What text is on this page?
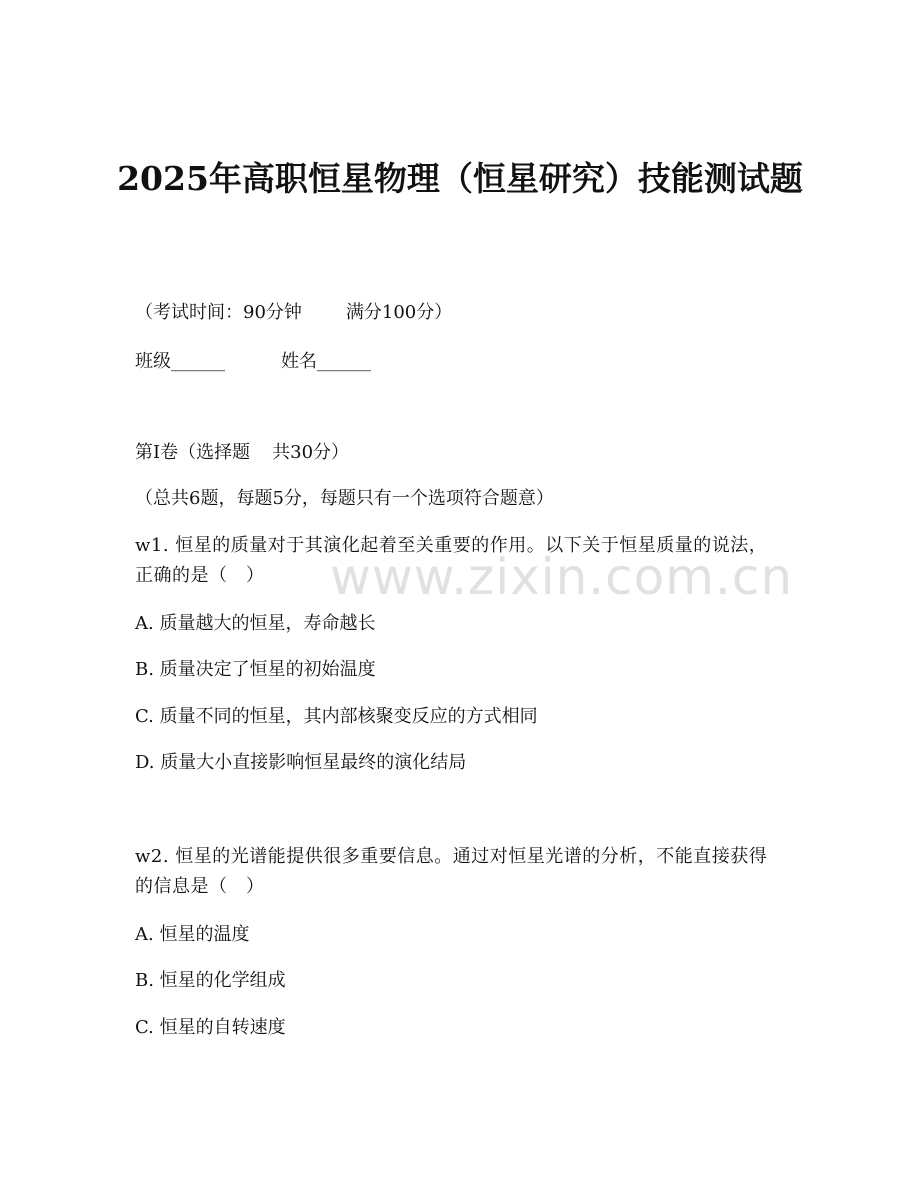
2025年高职恒星物理（恒星研究）技能测试题

（考试时间：90分钟 满分100分）

班级______	姓名______

第Ⅰ卷（选择题 共30分）

（总共6题，每题5分，每题只有一个选项符合题意）

w1. 恒星的质量对于其演化起着至关重要的作用。以下关于恒星质量的说法，正确的是（　）

A. 质量越大的恒星，寿命越长

B. 质量决定了恒星的初始温度

C. 质量不同的恒星，其内部核聚变反应的方式相同

D. 质量大小直接影响恒星最终的演化结局

w2. 恒星的光谱能提供很多重要信息。通过对恒星光谱的分析，不能直接获得的信息是（　）

A. 恒星的温度

B. 恒星的化学组成

C. 恒星的自转速度

www.zixin.com.cn
